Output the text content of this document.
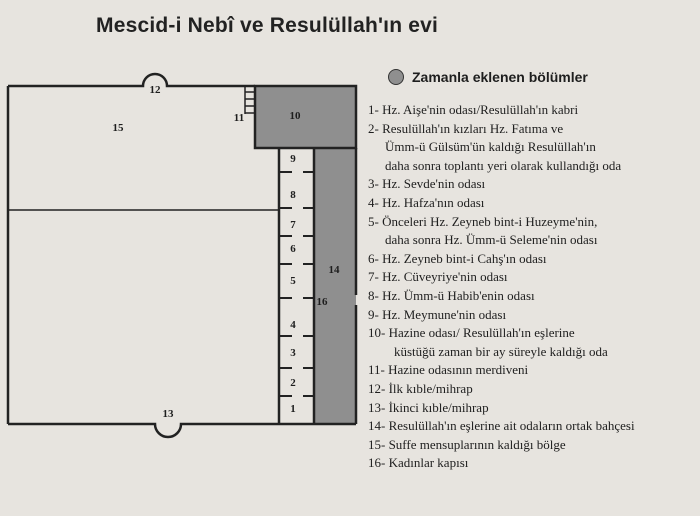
Mescid-i Nebî ve Resulüllah'ın evi
1
2
3
4
5
6
7
8
9
10
11
12
13
14
15
16
Zamanla eklenen bölümler
1- Hz. Aişe'nin odası/Resulüllah'ın kabri
2- Resulüllah'ın kızları Hz. Fatıma ve
Ümm-ü Gülsüm'ün kaldığı Resulüllah'ın
daha sonra toplantı yeri olarak kullandığı oda
3- Hz. Sevde'nin odası
4- Hz. Hafza'nın odası
5- Önceleri Hz. Zeyneb bint-i Huzeyme'nin,
daha sonra Hz. Ümm-ü Seleme'nin odası
6- Hz. Zeyneb bint-i Cahş'ın odası
7- Hz. Cüveyriye'nin odası
8- Hz. Ümm-ü Habib'enin odası
9- Hz. Meymune'nin odası
10- Hazine odası/ Resulüllah'ın eşlerine
küstüğü zaman bir ay süreyle kaldığı oda
11- Hazine odasının merdiveni
12- İlk kıble/mihrap
13- İkinci kıble/mihrap
14- Resulüllah'ın eşlerine ait odaların ortak bahçesi
15- Suffe mensuplarının kaldığı bölge
16- Kadınlar kapısı
